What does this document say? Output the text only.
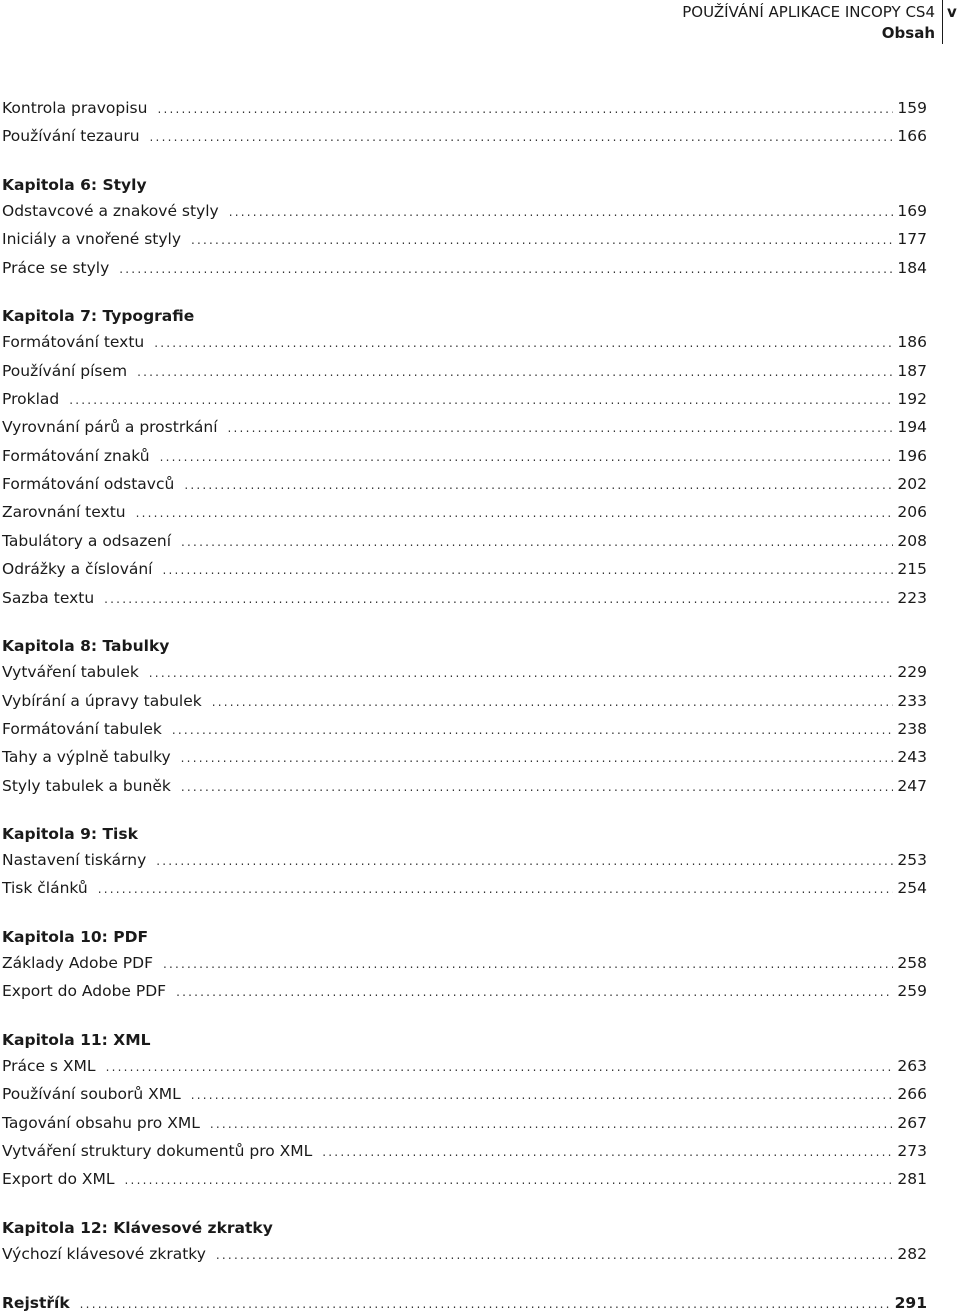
POUŽÍVÁNÍ APLIKACE INCOPY CS4
Obsah
v
Kontrola pravopisu .....	159
Používání tezauru .....	166
Kapitola 6: Styly
Odstavcové a znakové styly .....	169
Iniciály a vnořené styly .....	177
Práce se styly .....	184
Kapitola 7: Typografie
Formátování textu .....	186
Používání písem .....	187
Proklad .....	192
Vyrovnání párů a prostrkání .....	194
Formátování znaků .....	196
Formátování odstavců .....	202
Zarovnání textu .....	206
Tabulátory a odsazení .....	208
Odrážky a číslování .....	215
Sazba textu .....	223
Kapitola 8: Tabulky
Vytváření tabulek .....	229
Vybírání a úpravy tabulek .....	233
Formátování tabulek .....	238
Tahy a výplně tabulky .....	243
Styly tabulek a buněk .....	247
Kapitola 9: Tisk
Nastavení tiskárny .....	253
Tisk článků .....	254
Kapitola 10: PDF
Základy Adobe PDF .....	258
Export do Adobe PDF .....	259
Kapitola 11: XML
Práce s XML .....	263
Používání souborů XML .....	266
Tagování obsahu pro XML .....	267
Vytváření struktury dokumentů pro XML .....	273
Export do XML .....	281
Kapitola 12: Klávesové zkratky
Výchozí klávesové zkratky .....	282
Rejstřík .....	291
